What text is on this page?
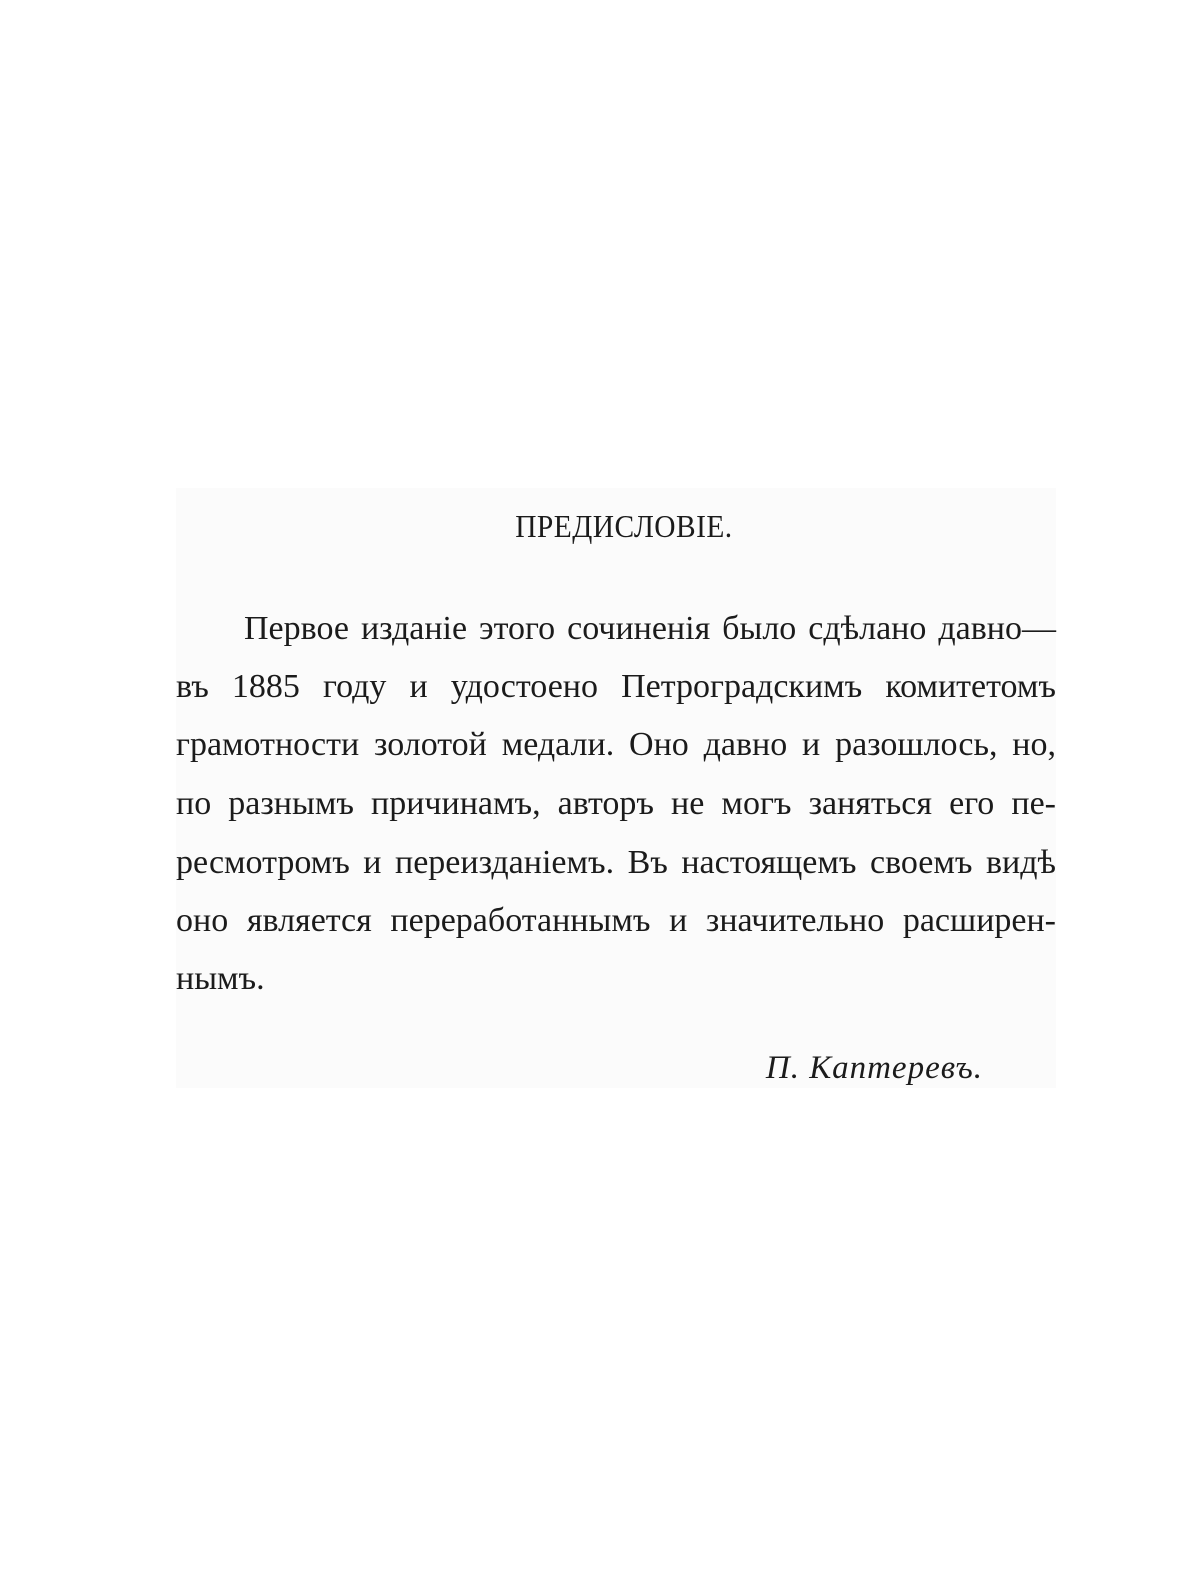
ПРЕДИСЛОВІЕ.
Первое изданіе этого сочиненія было сдѣлано давно—
въ 1885 году и удостоено Петроградскимъ комитетомъ
грамотности золотой медали. Оно давно и разошлось, но,
по разнымъ причинамъ, авторъ не могъ заняться его пе-
ресмотромъ и переизданіемъ. Въ настоящемъ своемъ видѣ
оно является переработаннымъ и значительно расширен-
нымъ.
П. Каптеревъ.
